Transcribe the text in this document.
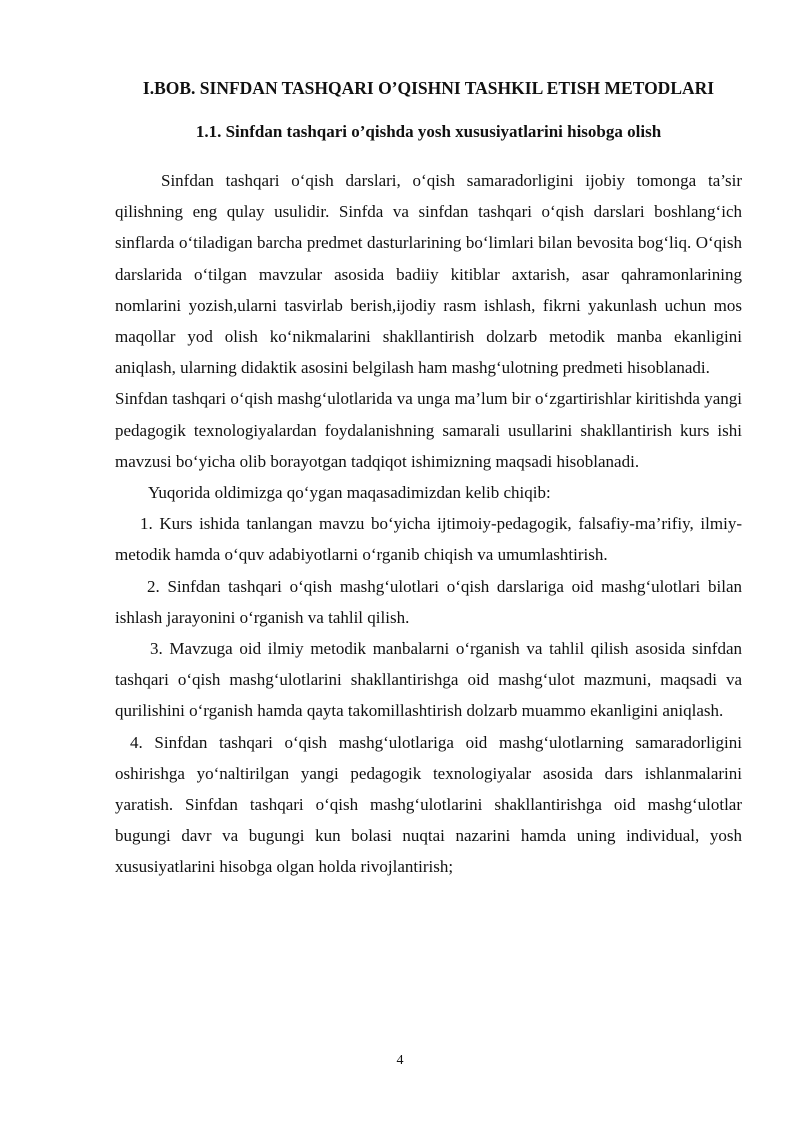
I.BOB. SINFDAN TASHQARI O’QISHNI TASHKIL ETISH METODLARI
1.1. Sinfdan tashqari o’qishda yosh xususiyatlarini hisobga olish

Sinfdan tashqari o‘qish darslari, o‘qish samaradorligini ijobiy tomonga ta’sir qilishning eng qulay usulidir. Sinfda va sinfdan tashqari o‘qish darslari boshlang‘ich sinflarda o‘tiladigan barcha predmet dasturlarining bo‘limlari bilan bevosita bog‘liq. O‘qish darslarida o‘tilgan mavzular asosida badiiy kitiblar axtarish, asar qahramonlarining nomlarini yozish,ularni tasvirlab berish,ijodiy rasm ishlash, fikrni yakunlash uchun mos maqollar yod olish ko‘nikmalarini shakllantirish dolzarb metodik manba ekanligini aniqlash, ularning didaktik asosini belgilash ham mashg‘ulotning predmeti hisoblanadi.

Sinfdan tashqari o‘qish mashg‘ulotlarida va unga ma’lum bir o‘zgartirishlar kiritishda yangi pedagogik texnologiyalardan foydalanishning samarali usullarini shakllantirish kurs ishi mavzusi bo‘yicha olib borayotgan tadqiqot ishimizning maqsadi hisoblanadi.

Yuqorida oldimizga qo‘ygan maqasadimizdan kelib chiqib:

1. Kurs ishida tanlangan mavzu bo‘yicha ijtimoiy-pedagogik, falsafiy-ma’rifiy, ilmiy-metodik hamda o‘quv adabiyotlarni o‘rganib chiqish va umumlashtirish.

2. Sinfdan tashqari o‘qish mashg‘ulotlari o‘qish darslariga oid mashg‘ulotlari bilan ishlash jarayonini o‘rganish va tahlil qilish.

3. Mavzuga oid ilmiy metodik manbalarni o‘rganish va tahlil qilish asosida sinfdan tashqari o‘qish mashg‘ulotlarini shakllantirishga oid mashg‘ulot mazmuni, maqsadi va qurilishini o‘rganish hamda qayta takomillashtirish dolzarb muammo ekanligini aniqlash.

4. Sinfdan tashqari o‘qish mashg‘ulotlariga oid mashg‘ulotlarning samaradorligini oshirishga yo‘naltirilgan yangi pedagogik texnologiyalar asosida dars ishlanmalarini yaratish. Sinfdan tashqari o‘qish mashg‘ulotlarini shakllantirishga oid mashg‘ulotlar bugungi davr va bugungi kun bolasi nuqtai nazarini hamda uning individual, yosh xususiyatlarini hisobga olgan holda rivojlantirish;

4
